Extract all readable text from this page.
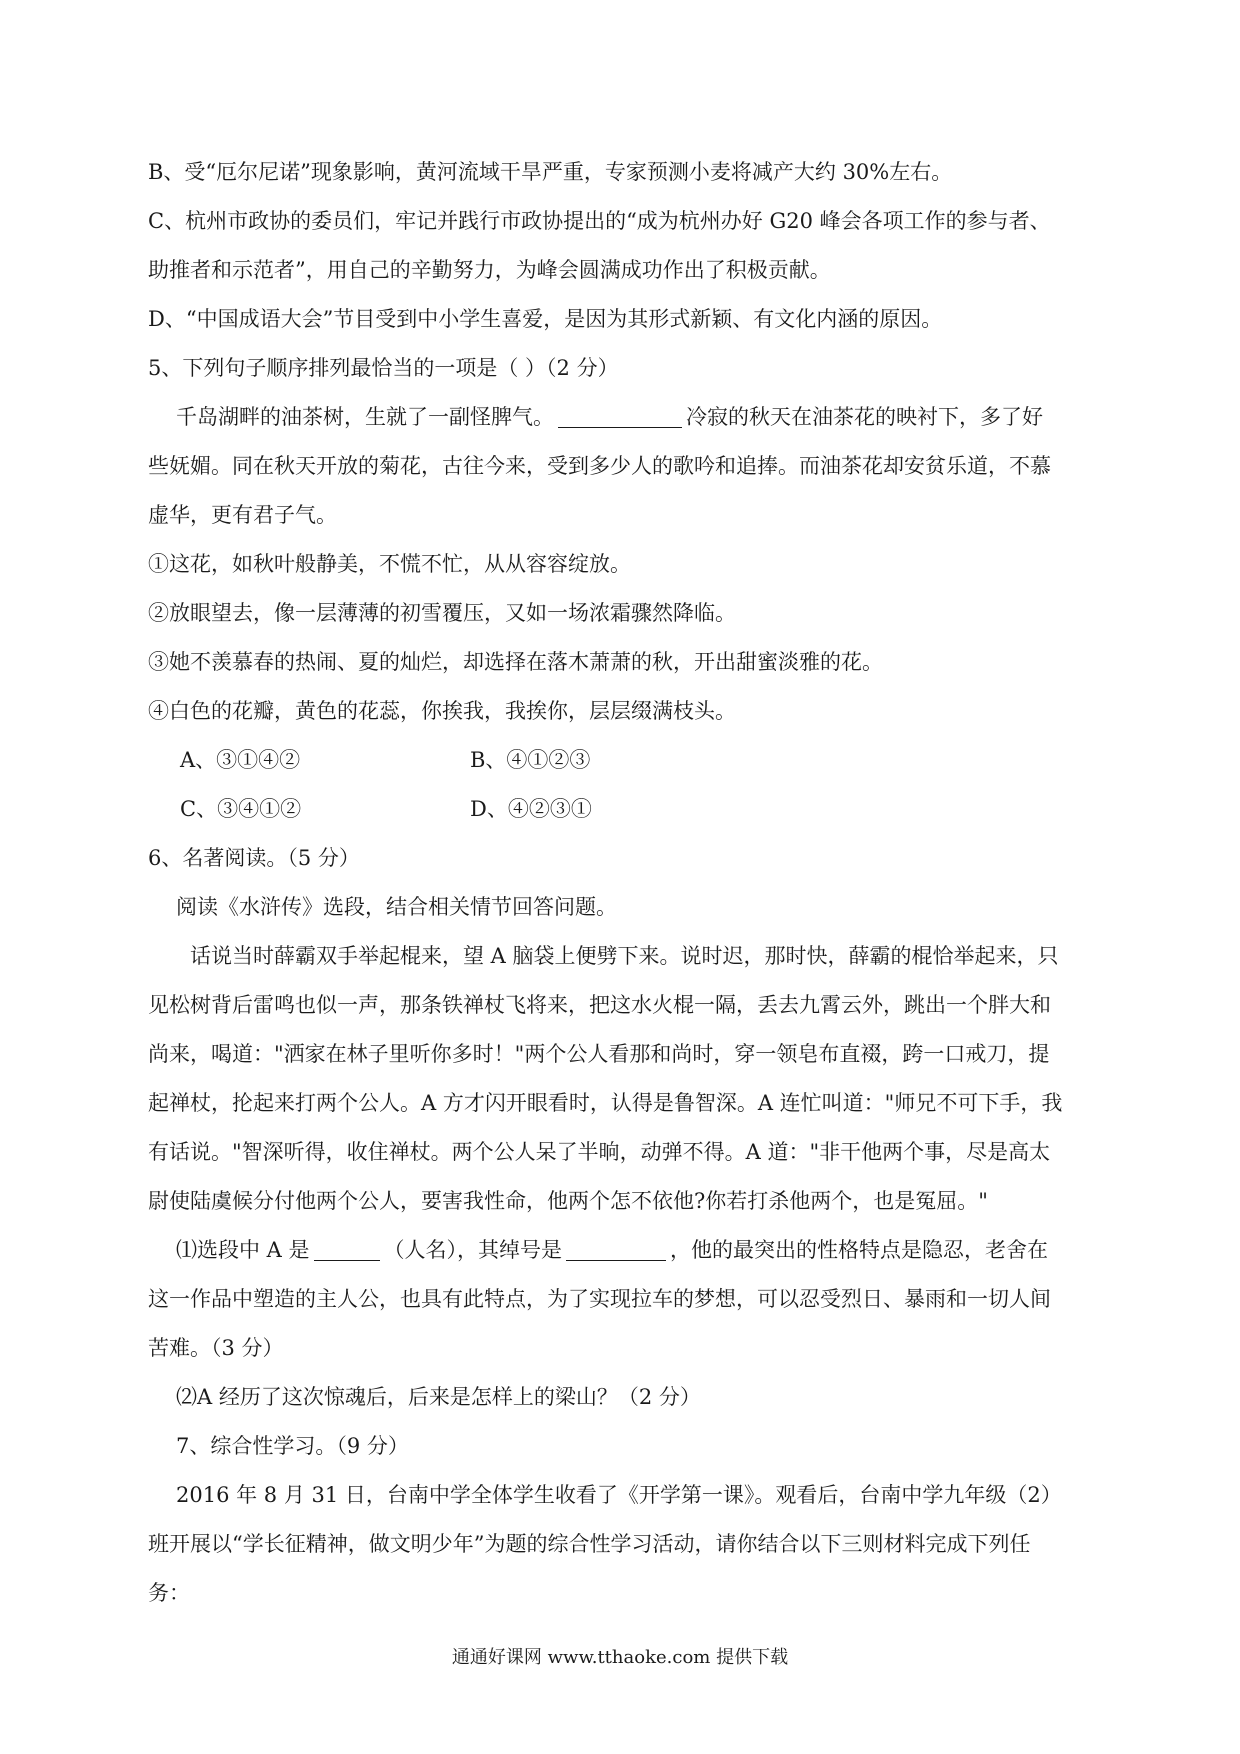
B、受“厄尔尼诺”现象影响，黄河流域干旱严重，专家预测小麦将减产大约 30%左右。
C、杭州市政协的委员们，牢记并践行市政协提出的“成为杭州办好 G20 峰会各项工作的参与者、
助推者和示范者”，用自己的辛勤努力，为峰会圆满成功作出了积极贡献。
D、“中国成语大会”节目受到中小学生喜爱，是因为其形式新颖、有文化内涵的原因。
5、下列句子顺序排列最恰当的一项是（ ）（2 分）
千岛湖畔的油茶树，生就了一副怪脾气。	冷寂的秋天在油茶花的映衬下，多了好
些妩媚。同在秋天开放的菊花，古往今来，受到多少人的歌吟和追捧。而油茶花却安贫乐道，不慕
虚华，更有君子气。
①这花，如秋叶般静美，不慌不忙，从从容容绽放。
②放眼望去，像一层薄薄的初雪覆压，又如一场浓霜骤然降临。
③她不羡慕春的热闹、夏的灿烂，却选择在落木萧萧的秋，开出甜蜜淡雅的花。
④白色的花瓣，黄色的花蕊，你挨我，我挨你，层层缀满枝头。
A、③①④②	B、④①②③
C、③④①②	D、④②③①
6、名著阅读。（5 分）
阅读《水浒传》选段，结合相关情节回答问题。
话说当时薛霸双手举起棍来，望 A 脑袋上便劈下来。说时迟，那时快，薛霸的棍恰举起来，只
见松树背后雷鸣也似一声，那条铁禅杖飞将来，把这水火棍一隔，丢去九霄云外，跳出一个胖大和
尚来，喝道："洒家在林子里听你多时！"两个公人看那和尚时，穿一领皂布直裰，跨一口戒刀，提
起禅杖，抡起来打两个公人。A 方才闪开眼看时，认得是鲁智深。A 连忙叫道："师兄不可下手，我
有话说。"智深听得，收住禅杖。两个公人呆了半晌，动弹不得。A 道："非干他两个事，尽是高太
尉使陆虞候分付他两个公人，要害我性命，他两个怎不依他?你若打杀他两个，也是冤屈。"
⑴选段中 A 是	（人名），其绰号是	，他的最突出的性格特点是隐忍，老舍在
这一作品中塑造的主人公，也具有此特点，为了实现拉车的梦想，可以忍受烈日、暴雨和一切人间
苦难。（3 分）
⑵A 经历了这次惊魂后，后来是怎样上的梁山？（2 分）
7、综合性学习。（9 分）
2016 年 8 月 31 日，台南中学全体学生收看了《开学第一课》。观看后，台南中学九年级（2）
班开展以“学长征精神，做文明少年”为题的综合性学习活动，请你结合以下三则材料完成下列任
务：
通通好课网 www.tthaoke.com 提供下载
